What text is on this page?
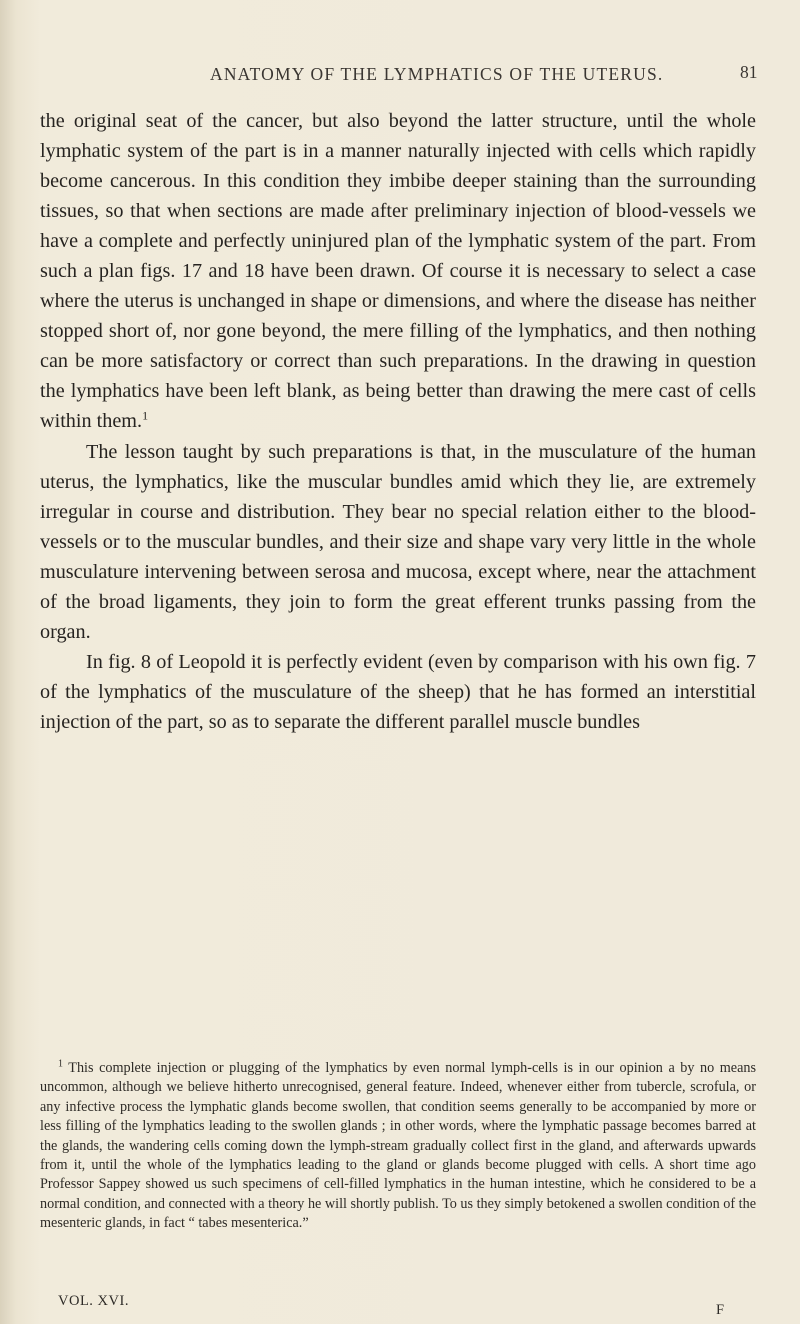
ANATOMY OF THE LYMPHATICS OF THE UTERUS.	81

the original seat of the cancer, but also beyond the latter structure, until the whole lymphatic system of the part is in a manner naturally injected with cells which rapidly become cancerous. In this condition they imbibe deeper staining than the surrounding tissues, so that when sections are made after preliminary injection of blood-vessels we have a complete and perfectly uninjured plan of the lymphatic system of the part. From such a plan figs. 17 and 18 have been drawn. Of course it is necessary to select a case where the uterus is unchanged in shape or dimensions, and where the disease has neither stopped short of, nor gone beyond, the mere filling of the lymphatics, and then nothing can be more satisfactory or correct than such preparations. In the drawing in question the lymphatics have been left blank, as being better than drawing the mere cast of cells within them.$^1$

The lesson taught by such preparations is that, in the musculature of the human uterus, the lymphatics, like the muscular bundles amid which they lie, are extremely irregular in course and distribution. They bear no special relation either to the blood-vessels or to the muscular bundles, and their size and shape vary very little in the whole musculature intervening between serosa and mucosa, except where, near the attachment of the broad ligaments, they join to form the great efferent trunks passing from the organ.

In fig. 8 of Leopold it is perfectly evident (even by comparison with his own fig. 7 of the lymphatics of the musculature of the sheep) that he has formed an interstitial injection of the part, so as to separate the different parallel muscle bundles

$^1$ This complete injection or plugging of the lymphatics by even normal lymph-cells is in our opinion a by no means uncommon, although we believe hitherto unrecognised, general feature. Indeed, whenever either from tubercle, scrofula, or any infective process the lymphatic glands become swollen, that condition seems generally to be accompanied by more or less filling of the lymphatics leading to the swollen glands ; in other words, where the lymphatic passage becomes barred at the glands, the wandering cells coming down the lymph-stream gradually collect first in the gland, and afterwards upwards from it, until the whole of the lymphatics leading to the gland or glands become plugged with cells. A short time ago Professor Sappey showed us such specimens of cell-filled lymphatics in the human intestine, which he considered to be a normal condition, and connected with a theory he will shortly publish. To us they simply betokened a swollen condition of the mesenteric glands, in fact “ tabes mesenterica.”

VOL. XVI.
F
